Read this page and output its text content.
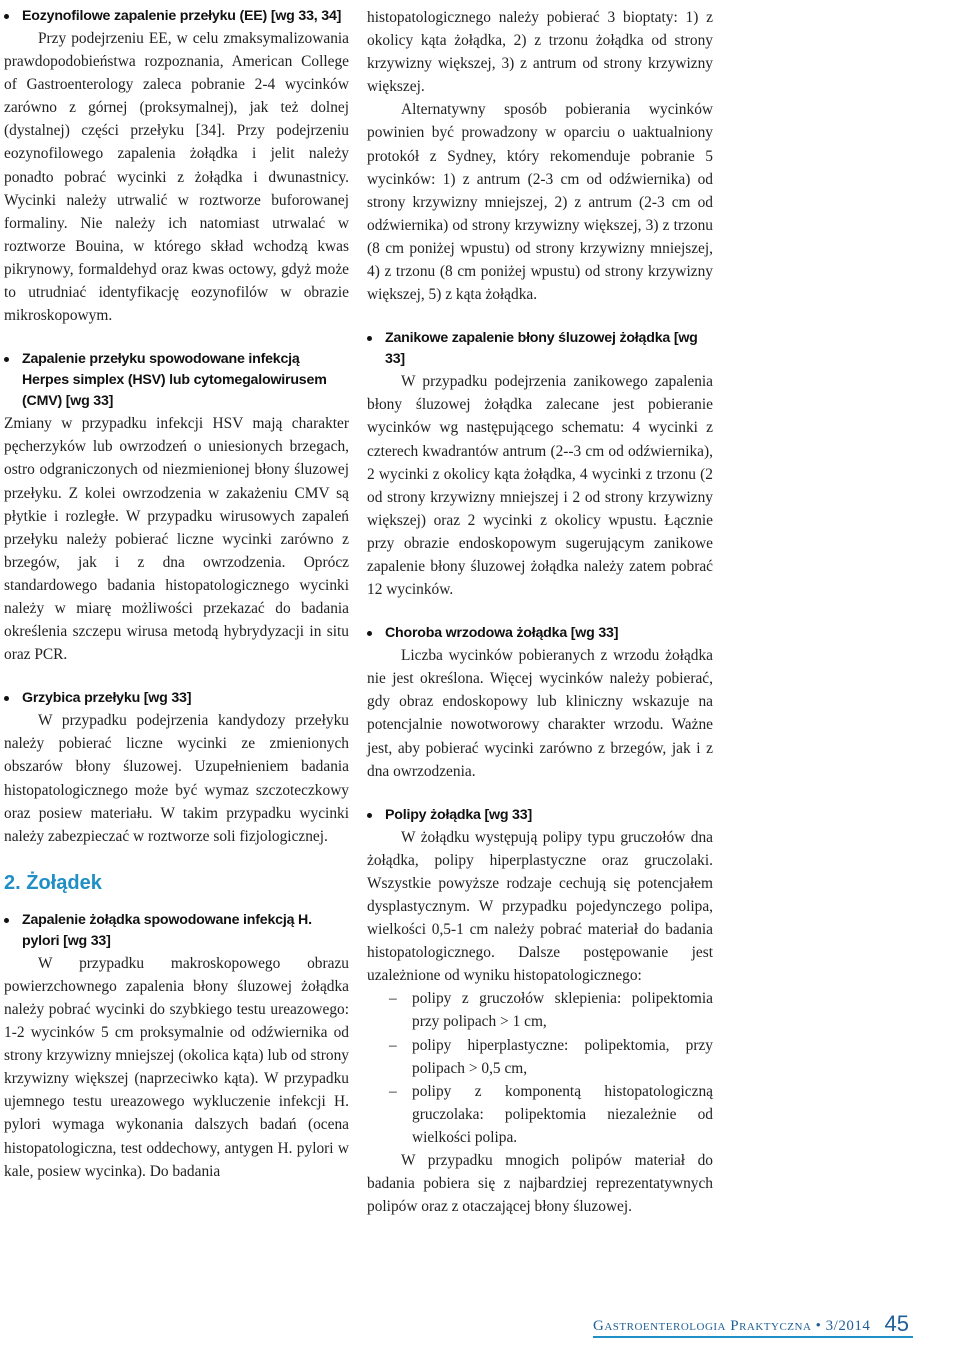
Eozynofilowe zapalenie przełyku (EE) [wg 33, 34]

Przy podejrzeniu EE, w celu zmaksymalizowania prawdopodobieństwa rozpoznania, American College of Gastroenterology zaleca pobranie 2-4 wycinków zarówno z górnej (proksymalnej), jak też dolnej (dystalnej) części przełyku [34]. Przy podejrzeniu eozynofilowego zapalenia żołądka i jelit należy ponadto pobrać wycinki z żołądka i dwunastnicy. Wycinki należy utrwalić w roztworze buforowanej formaliny. Nie należy ich natomiast utrwalać w roztworze Bouina, w którego skład wchodzą kwas pikrynowy, formaldehyd oraz kwas octowy, gdyż może to utrudniać identyfikację eozynofilów w obrazie mikroskopowym.

Zapalenie przełyku spowodowane infekcją Herpes simplex (HSV) lub cytomegalowirusem (CMV) [wg 33]

Zmiany w przypadku infekcji HSV mają charakter pęcherzyków lub owrzodzeń o uniesionych brzegach, ostro odgraniczonych od niezmienionej błony śluzowej przełyku. Z kolei owrzodzenia w zakażeniu CMV są płytkie i rozległe. W przypadku wirusowych zapaleń przełyku należy pobierać liczne wycinki zarówno z brzegów, jak i z dna owrzodzenia. Oprócz standardowego badania histopatologicznego wycinki należy w miarę możliwości przekazać do badania określenia szczepu wirusa metodą hybrydyzacji in situ oraz PCR.

Grzybica przełyku [wg 33]

W przypadku podejrzenia kandydozy przełyku należy pobierać liczne wycinki ze zmienionych obszarów błony śluzowej. Uzupełnieniem badania histopatologicznego może być wymaz szczoteczkowy oraz posiew materiału. W takim przypadku wycinki należy zabezpieczać w roztworze soli fizjologicznej.

2. Żołądek
Zapalenie żołądka spowodowane infekcją H. pylori [wg 33]

W przypadku makroskopowego obrazu powierzchownego zapalenia błony śluzowej żołądka należy pobrać wycinki do szybkiego testu ureazowego: 1-2 wycinków 5 cm proksymalnie od odźwiernika od strony krzywizny mniejszej (okolica kąta) lub od strony krzywizny większej (naprzeciwko kąta). W przypadku ujemnego testu ureazowego wykluczenie infekcji H. pylori wymaga wykonania dalszych badań (ocena histopatologiczna, test oddechowy, antygen H. pylori w kale, posiew wycinka). Do badania

histopatologicznego należy pobierać 3 bioptaty: 1) z okolicy kąta żołądka, 2) z trzonu żołądka od strony krzywizny większej, 3) z antrum od strony krzywizny większej.

Alternatywny sposób pobierania wycinków powinien być prowadzony w oparciu o uaktualniony protokół z Sydney, który rekomenduje pobranie 5 wycinków: 1) z antrum (2-3 cm od odźwiernika) od strony krzywizny mniejszej, 2) z antrum (2-3 cm od odźwiernika) od strony krzywizny większej, 3) z trzonu (8 cm poniżej wpustu) od strony krzywizny mniejszej, 4) z trzonu (8 cm poniżej wpustu) od strony krzywizny większej, 5) z kąta żołądka.

Zanikowe zapalenie błony śluzowej żołądka [wg 33]

W przypadku podejrzenia zanikowego zapalenia błony śluzowej żołądka zalecane jest pobieranie wycinków wg następującego schematu: 4 wycinki z czterech kwadrantów antrum (2--3 cm od odźwiernika), 2 wycinki z okolicy kąta żołądka, 4 wycinki z trzonu (2 od strony krzywizny mniejszej i 2 od strony krzywizny większej) oraz 2 wycinki z okolicy wpustu. Łącznie przy obrazie endoskopowym sugerującym zanikowe zapalenie błony śluzowej żołądka należy zatem pobrać 12 wycinków.

Choroba wrzodowa żołądka [wg 33]

Liczba wycinków pobieranych z wrzodu żołądka nie jest określona. Więcej wycinków należy pobierać, gdy obraz endoskopowy lub kliniczny wskazuje na potencjalnie nowotworowy charakter wrzodu. Ważne jest, aby pobierać wycinki zarówno z brzegów, jak i z dna owrzodzenia.

Polipy żołądka [wg 33]

W żołądku występują polipy typu gruczołów dna żołądka, polipy hiperplastyczne oraz gruczolaki. Wszystkie powyższe rodzaje cechują się potencjałem dysplastycznym. W przypadku pojedynczego polipa, wielkości 0,5-1 cm należy pobrać materiał do badania histopatologicznego. Dalsze postępowanie jest uzależnione od wyniku histopatologicznego:

– polipy z gruczołów sklepienia: polipektomia przy polipach > 1 cm,
– polipy hiperplastyczne: polipektomia, przy polipach > 0,5 cm,
– polipy z komponentą histopatologiczną gruczolaka: polipektomia niezależnie od wielkości polipa.

W przypadku mnogich polipów materiał do badania pobiera się z najbardziej reprezentatywnych polipów oraz z otaczającej błony śluzowej.

Gastroenterologia Praktyczna • 3/2014 45
